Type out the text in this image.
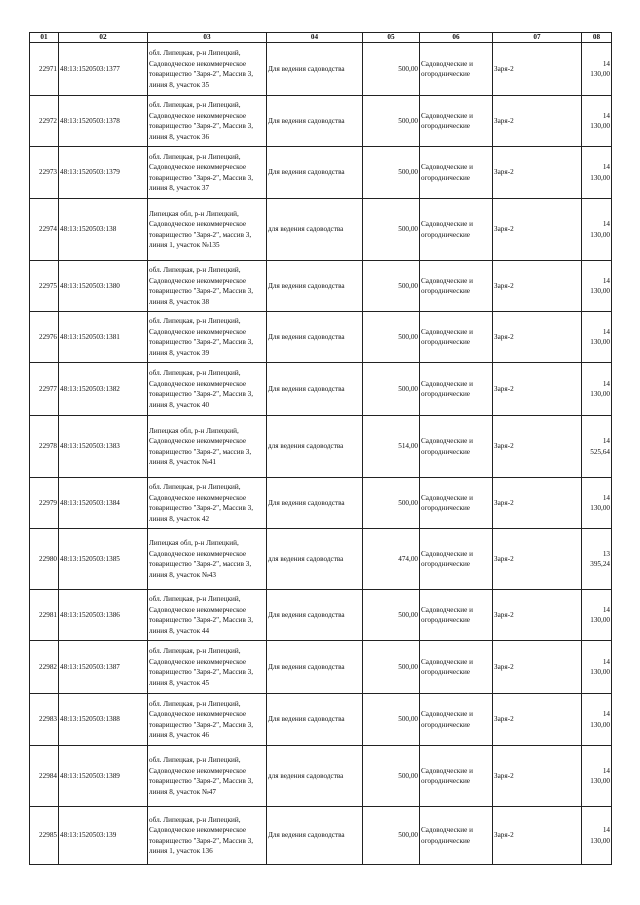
01	02	03	04	05	06	07	08
22971	48:13:1520503:1377	обл. Липецкая, р-н Липецкий, Садоводческое некоммерческое товарищество "Заря-2", Массив 3, линия 8, участок 35	Для ведения садоводства	500,00	Садоводческие и огороднические	Заря-2	14 130,00
22972	48:13:1520503:1378	обл. Липецкая, р-н Липецкий, Садоводческое некоммерческое товарищество "Заря-2", Массив 3, линия 8, участок 36	Для ведения садоводства	500,00	Садоводческие и огороднические	Заря-2	14 130,00
22973	48:13:1520503:1379	обл. Липецкая, р-н Липецкий, Садоводческое некоммерческое товарищество "Заря-2", Массив 3, линия 8, участок 37	Для ведения садоводства	500,00	Садоводческие и огороднические	Заря-2	14 130,00
22974	48:13:1520503:138	Липецкая обл, р-н Липецкий, Садоводческое некоммерческое товарищество "Заря-2", массив 3, линия 1, участок №135	для ведения садоводства	500,00	Садоводческие и огороднические	Заря-2	14 130,00
22975	48:13:1520503:1380	обл. Липецкая, р-н Липецкий, Садоводческое некоммерческое товарищество "Заря-2", Массив 3, линия 8, участок 38	Для ведения садоводства	500,00	Садоводческие и огороднические	Заря-2	14 130,00
22976	48:13:1520503:1381	обл. Липецкая, р-н Липецкий, Садоводческое некоммерческое товарищество "Заря-2", Массив 3, линия 8, участок 39	Для ведения садоводства	500,00	Садоводческие и огороднические	Заря-2	14 130,00
22977	48:13:1520503:1382	обл. Липецкая, р-н Липецкий, Садоводческое некоммерческое товарищество "Заря-2", Массив 3, линия 8, участок 40	Для ведения садоводства	500,00	Садоводческие и огороднические	Заря-2	14 130,00
22978	48:13:1520503:1383	Липецкая обл, р-н Липецкий, Садоводческое некоммерческое товарищество "Заря-2", массив 3, линия 8, участок №41	для ведения садоводства	514,00	Садоводческие и огороднические	Заря-2	14 525,64
22979	48:13:1520503:1384	обл. Липецкая, р-н Липецкий, Садоводческое некоммерческое товарищество "Заря-2", Массив 3, линия 8, участок 42	Для ведения садоводства	500,00	Садоводческие и огороднические	Заря-2	14 130,00
22980	48:13:1520503:1385	Липецкая обл, р-н Липецкий, Садоводческое некоммерческое товарищество "Заря-2", массив 3, линия 8, участок №43	для ведения садоводства	474,00	Садоводческие и огороднические	Заря-2	13 395,24
22981	48:13:1520503:1386	обл. Липецкая, р-н Липецкий, Садоводческое некоммерческое товарищество "Заря-2", Массив 3, линия 8, участок 44	Для ведения садоводства	500,00	Садоводческие и огороднические	Заря-2	14 130,00
22982	48:13:1520503:1387	обл. Липецкая, р-н Липецкий, Садоводческое некоммерческое товарищество "Заря-2", Массив 3, линия 8, участок 45	Для ведения садоводства	500,00	Садоводческие и огороднические	Заря-2	14 130,00
22983	48:13:1520503:1388	обл. Липецкая, р-н Липецкий, Садоводческое некоммерческое товарищество "Заря-2", Массив 3, линия 8, участок 46	Для ведения садоводства	500,00	Садоводческие и огороднические	Заря-2	14 130,00
22984	48:13:1520503:1389	обл. Липецкая, р-н Липецкий, Садоводческое некоммерческое товарищество "Заря-2", Массив 3, линия 8, участок №47	для ведения садоводства	500,00	Садоводческие и огороднические	Заря-2	14 130,00
22985	48:13:1520503:139	обл. Липецкая, р-н Липецкий, Садоводческое некоммерческое товарищество "Заря-2", Массив 3, линия 1, участок 136	Для ведения садоводства	500,00	Садоводческие и огороднические	Заря-2	14 130,00
